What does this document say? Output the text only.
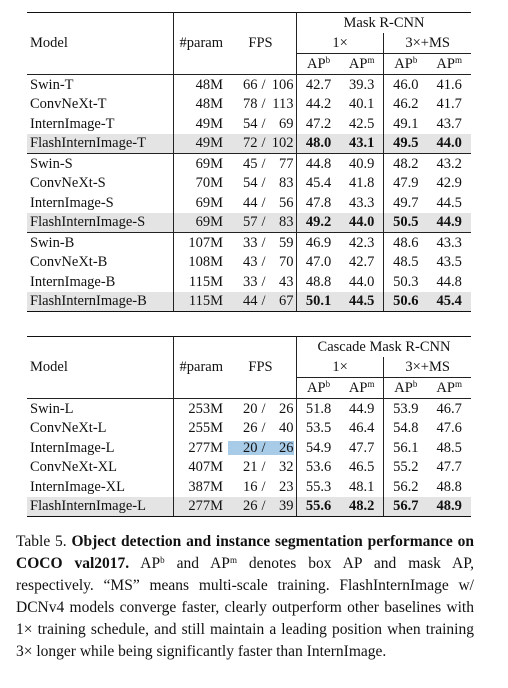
			Mask R-CNN			
Model	#param	FPS	1×		3×+MS	
			$AP^b$	$AP^m$	$AP^b$	$AP^m$
Swin-T	48M	66 / 106	42.7	39.3	46.0	41.6
ConvNeXt-T	48M	78 / 113	44.2	40.1	46.2	41.7
InternImage-T	49M	54 / 69	47.2	42.5	49.1	43.7
FlashInternImage-T	49M	72 / 102	48.0	43.1	49.5	44.0
Swin-S	69M	45 / 77	44.8	40.9	48.2	43.2
ConvNeXt-S	70M	54 / 83	45.4	41.8	47.9	42.9
InternImage-S	69M	44 / 56	47.8	43.3	49.7	44.5
FlashInternImage-S	69M	57 / 83	49.2	44.0	50.5	44.9
Swin-B	107M	33 / 59	46.9	42.3	48.6	43.3
ConvNeXt-B	108M	43 / 70	47.0	42.7	48.5	43.5
InternImage-B	115M	33 / 43	48.8	44.0	50.3	44.8
FlashInternImage-B	115M	44 / 67	50.1	44.5	50.6	45.4
			Cascade Mask R-CNN			
Model	#param	FPS	1×		3×+MS	
			$AP^b$	$AP^m$	$AP^b$	$AP^m$
Swin-L	253M	20 / 26	51.8	44.9	53.9	46.7
ConvNeXt-L	255M	26 / 40	53.5	46.4	54.8	47.6
InternImage-L	277M	20 / 26	54.9	47.7	56.1	48.5
ConvNeXt-XL	407M	21 / 32	53.6	46.5	55.2	47.7
InternImage-XL	387M	16 / 23	55.3	48.1	56.2	48.8
FlashInternImage-L	277M	26 / 39	55.6	48.2	56.7	48.9
Table 5. Object detection and instance segmentation performance on COCO val2017. $AP^b$ and $AP^m$ denotes box AP and mask AP, respectively. “MS” means multi-scale training. FlashInternImage w/ DCNv4 models converge faster, clearly outperform other baselines with 1× training schedule, and still maintain a leading position when training 3× longer while being significantly faster than InternImage.
